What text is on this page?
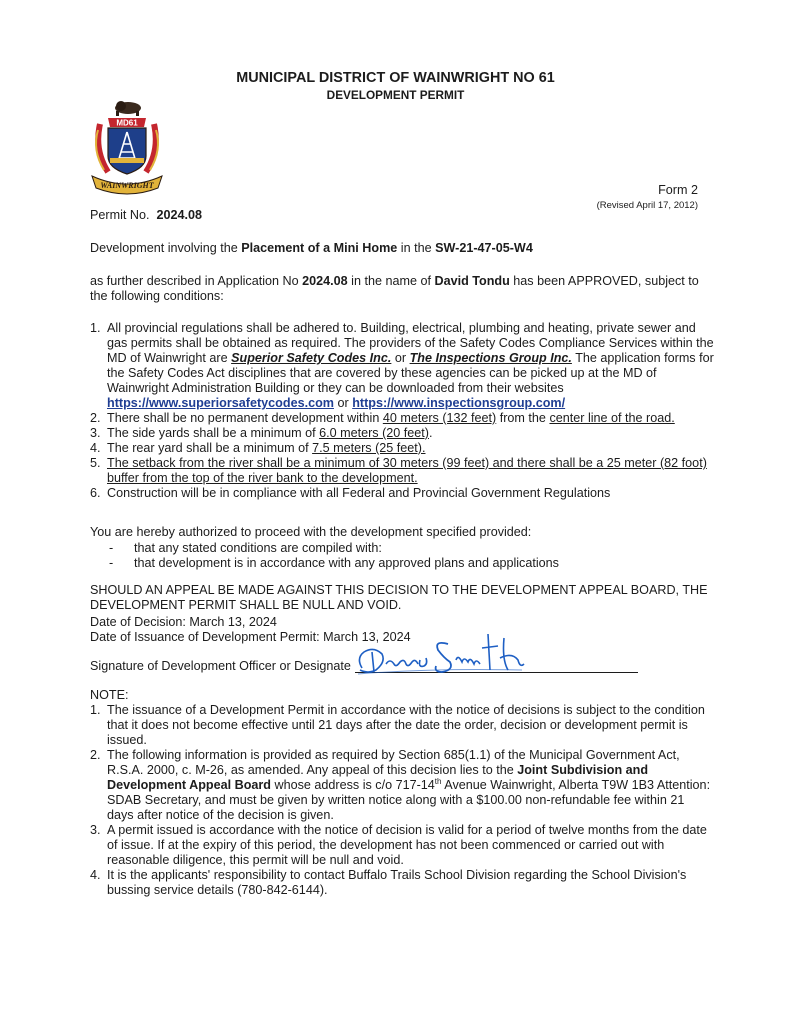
MUNICIPAL DISTRICT OF WAINWRIGHT NO 61
DEVELOPMENT PERMIT
MD61
WAINWRIGHT	Form 2
(Revised April 17, 2012)
Permit No. 2024.08
Development involving the Placement of a Mini Home in the SW-21-47-05-W4
as further described in Application No 2024.08 in the name of David Tondu has been APPROVED, subject to the following conditions:
1. All provincial regulations shall be adhered to. Building, electrical, plumbing and heating, private sewer and gas permits shall be obtained as required. The providers of the Safety Codes Compliance Services within the MD of Wainwright are Superior Safety Codes Inc. or The Inspections Group Inc. The application forms for the Safety Codes Act disciplines that are covered by these agencies can be picked up at the MD of Wainwright Administration Building or they can be downloaded from their websites https://www.superiorsafetycodes.com or https://www.inspectionsgroup.com/
2. There shall be no permanent development within 40 meters (132 feet) from the center line of the road.
3. The side yards shall be a minimum of 6.0 meters (20 feet).
4. The rear yard shall be a minimum of 7.5 meters (25 feet).
5. The setback from the river shall be a minimum of 30 meters (99 feet) and there shall be a 25 meter (82 foot) buffer from the top of the river bank to the development.
6. Construction will be in compliance with all Federal and Provincial Government Regulations
You are hereby authorized to proceed with the development specified provided:
- that any stated conditions are compiled with:
- that development is in accordance with any approved plans and applications
SHOULD AN APPEAL BE MADE AGAINST THIS DECISION TO THE DEVELOPMENT APPEAL BOARD, THE DEVELOPMENT PERMIT SHALL BE NULL AND VOID.
Date of Decision: March 13, 2024
Date of Issuance of Development Permit: March 13, 2024
Signature of Development Officer or Designate
NOTE:
1. The issuance of a Development Permit in accordance with the notice of decisions is subject to the condition that it does not become effective until 21 days after the date the order, decision or development permit is issued.
2. The following information is provided as required by Section 685(1.1) of the Municipal Government Act, R.S.A. 2000, c. M-26, as amended. Any appeal of this decision lies to the Joint Subdivision and Development Appeal Board whose address is c/o 717-14th Avenue Wainwright, Alberta T9W 1B3 Attention: SDAB Secretary, and must be given by written notice along with a $100.00 non-refundable fee within 21 days after notice of the decision is given.
3. A permit issued is accordance with the notice of decision is valid for a period of twelve months from the date of issue. If at the expiry of this period, the development has not been commenced or carried out with reasonable diligence, this permit will be null and void.
4. It is the applicants' responsibility to contact Buffalo Trails School Division regarding the School Division's bussing service details (780-842-6144).
